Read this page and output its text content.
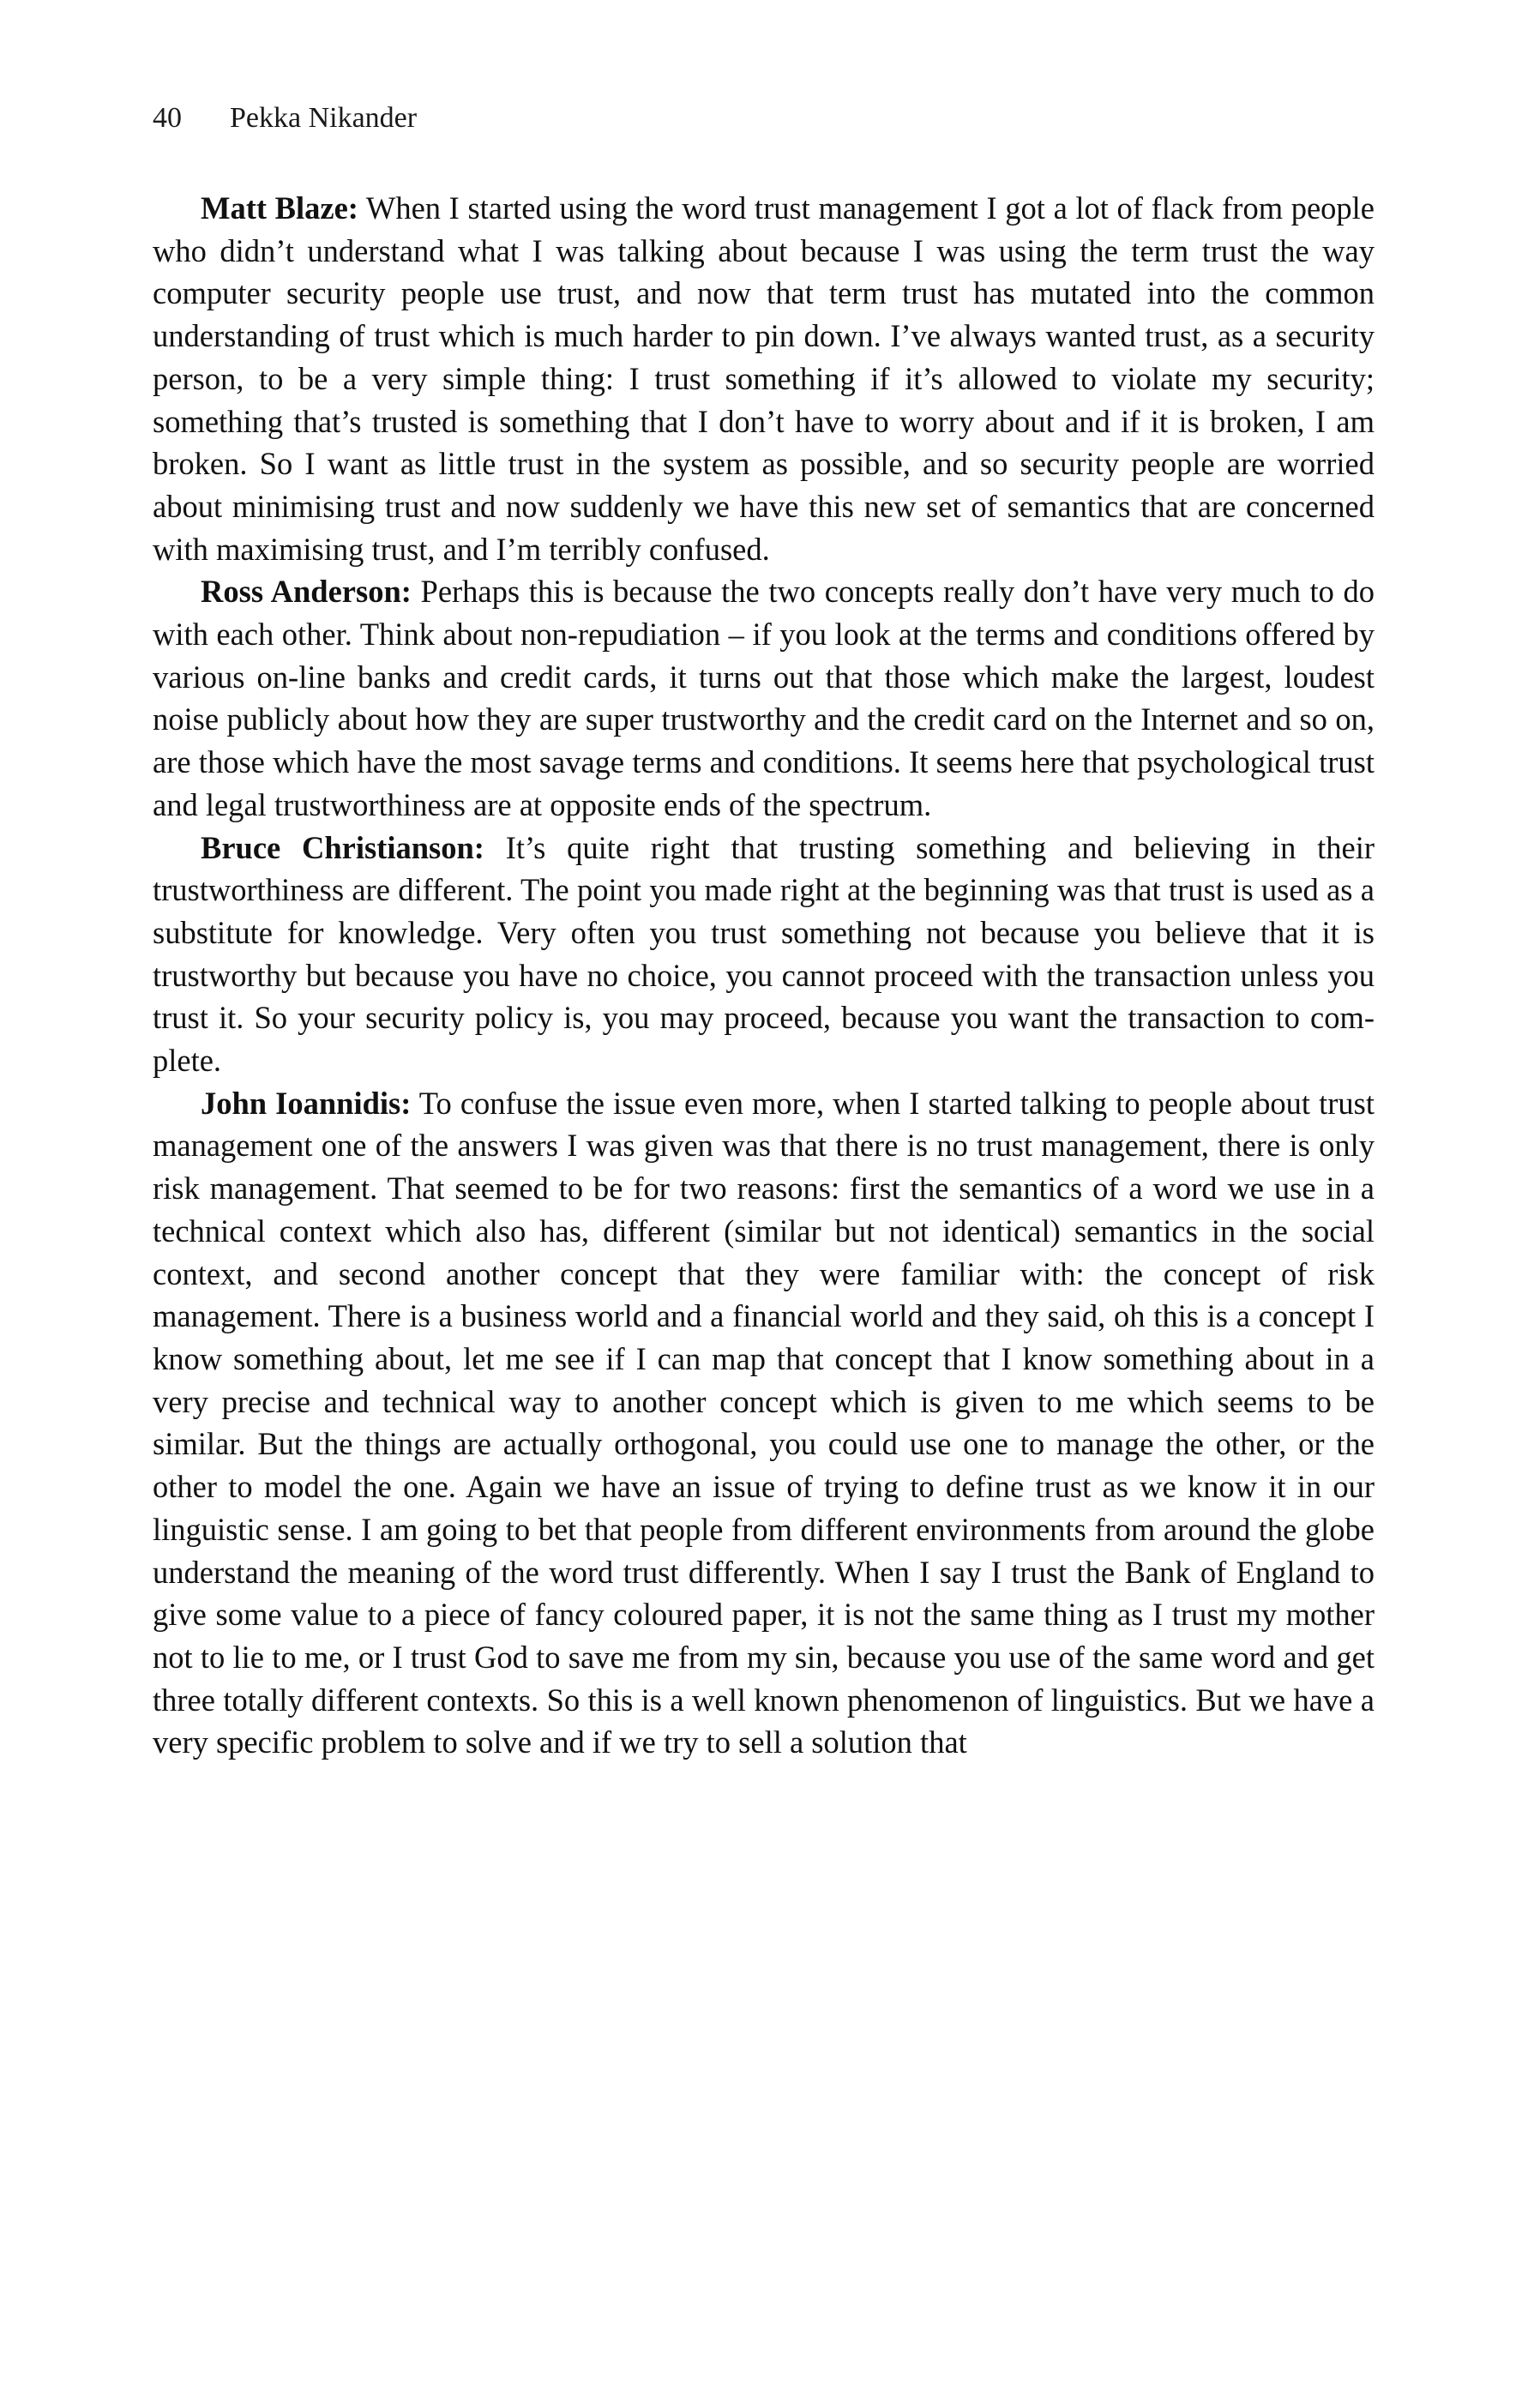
40 Pekka Nikander

Matt Blaze: When I started using the word trust management I got a lot of flack from people who didn’t understand what I was talking about because I was using the term trust the way computer security people use trust, and now that term trust has mutated into the common understanding of trust which is much harder to pin down. I’ve always wanted trust, as a security person, to be a very simple thing: I trust something if it’s allowed to violate my security; something that’s trusted is something that I don’t have to worry about and if it is broken, I am broken. So I want as little trust in the system as possible, and so security people are worried about minimising trust and now suddenly we have this new set of semantics that are concerned with maximising trust, and I’m terribly confused.

Ross Anderson: Perhaps this is because the two concepts really don’t have very much to do with each other. Think about non-repudiation – if you look at the terms and conditions offered by various on-line banks and credit cards, it turns out that those which make the largest, loudest noise publicly about how they are super trustworthy and the credit card on the Internet and so on, are those which have the most savage terms and conditions. It seems here that psychological trust and legal trustworthiness are at opposite ends of the spectrum.

Bruce Christianson: It’s quite right that trusting something and believing in their trustworthiness are different. The point you made right at the beginning was that trust is used as a substitute for knowledge. Very often you trust something not because you believe that it is trustworthy but because you have no choice, you cannot proceed with the transaction unless you trust it. So your security policy is, you may proceed, because you want the transaction to complete.

John Ioannidis: To confuse the issue even more, when I started talking to people about trust management one of the answers I was given was that there is no trust management, there is only risk management. That seemed to be for two reasons: first the semantics of a word we use in a technical context which also has, different (similar but not identical) semantics in the social context, and second another concept that they were familiar with: the concept of risk management. There is a business world and a financial world and they said, oh this is a concept I know something about, let me see if I can map that concept that I know something about in a very precise and technical way to another concept which is given to me which seems to be similar. But the things are actually orthogonal, you could use one to manage the other, or the other to model the one. Again we have an issue of trying to define trust as we know it in our linguistic sense. I am going to bet that people from different environments from around the globe understand the meaning of the word trust differently. When I say I trust the Bank of England to give some value to a piece of fancy coloured paper, it is not the same thing as I trust my mother not to lie to me, or I trust God to save me from my sin, because you use of the same word and get three totally different contexts. So this is a well known phenomenon of linguistics. But we have a very specific problem to solve and if we try to sell a solution that
